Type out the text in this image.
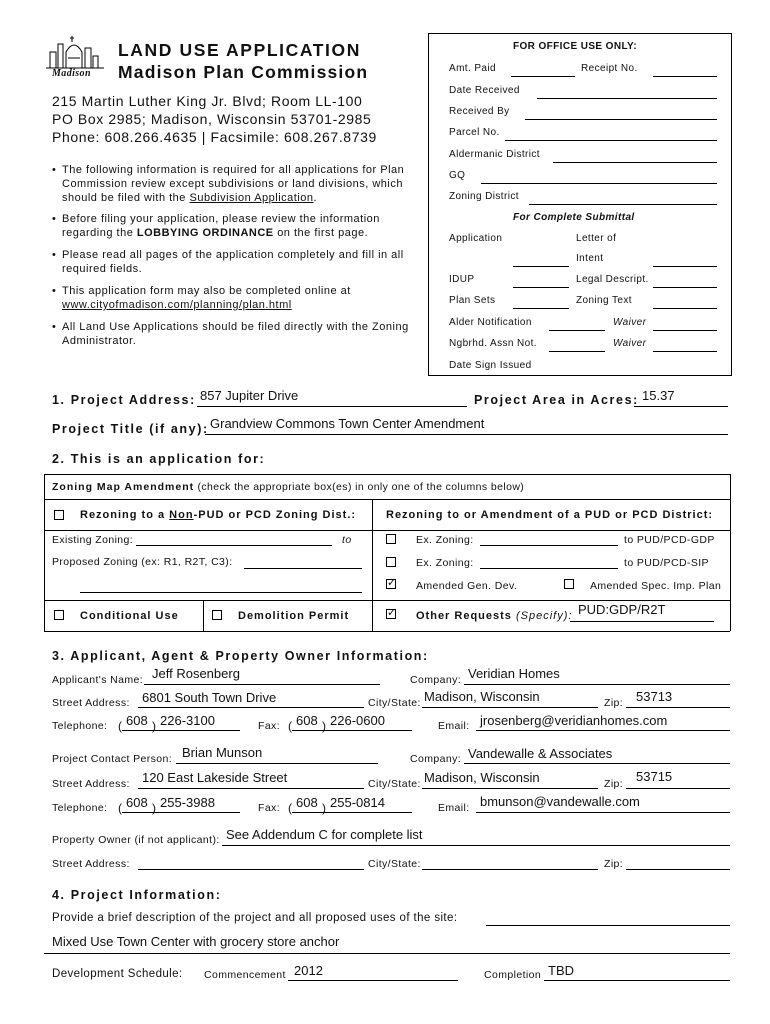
Madison
LAND USE APPLICATION
Madison Plan Commission
215 Martin Luther King Jr. Blvd; Room LL-100
PO Box 2985; Madison, Wisconsin 53701-2985
Phone: 608.266.4635 | Facsimile: 608.267.8739
• The following information is required for all applications for Plan Commission review except subdivisions or land divisions, which should be filed with the Subdivision Application.
• Before filing your application, please review the information regarding the LOBBYING ORDINANCE on the first page.
• Please read all pages of the application completely and fill in all required fields.
• This application form may also be completed online at www.cityofmadison.com/planning/plan.html
• All Land Use Applications should be filed directly with the Zoning Administrator.
FOR OFFICE USE ONLY:
Amt. Paid	Receipt No.
Date Received
Received By
Parcel No.
Aldermanic District
GQ
Zoning District
For Complete Submittal
Application	Letter of
Intent
IDUP	Legal Descript.
Plan Sets	Zoning Text
Alder Notification	Waiver
Ngbrhd. Assn Not.	Waiver
Date Sign Issued
1. Project Address: 857 Jupiter Drive	Project Area in Acres: 15.37
Project Title (if any): Grandview Commons Town Center Amendment
2. This is an application for:
Zoning Map Amendment (check the appropriate box(es) in only one of the columns below)
Rezoning to a Non-PUD or PCD Zoning Dist.:	Rezoning to or Amendment of a PUD or PCD District:
Existing Zoning:	to	Ex. Zoning:	to PUD/PCD-GDP
Proposed Zoning (ex: R1, R2T, C3):	Ex. Zoning:	to PUD/PCD-SIP
✓
Amended Gen. Dev.	Amended Spec. Imp. Plan
Conditional Use	Demolition Permit
✓	Other Requests (Specify): PUD:GDP/R2T
3. Applicant, Agent & Property Owner Information:
Applicant's Name: Jeff Rosenberg	Company: Veridian Homes
Street Address: 6801 South Town Drive	City/State: Madison, Wisconsin	Zip: 53713
Telephone: ( 608 ) 226-3100	Fax: ( 608 ) 226-0600	Email: jrosenberg@veridianhomes.com
Project Contact Person: Brian Munson	Company: Vandewalle & Associates
Street Address: 120 East Lakeside Street	City/State: Madison, Wisconsin	Zip: 53715
Telephone: ( 608 ) 255-3988	Fax: ( 608 ) 255-0814	Email: bmunson@vandewalle.com
Property Owner (if not applicant): See Addendum C for complete list
Street Address:	City/State:	Zip:
4. Project Information:
Provide a brief description of the project and all proposed uses of the site:
Mixed Use Town Center with grocery store anchor
Development Schedule: Commencement 2012	Completion TBD
